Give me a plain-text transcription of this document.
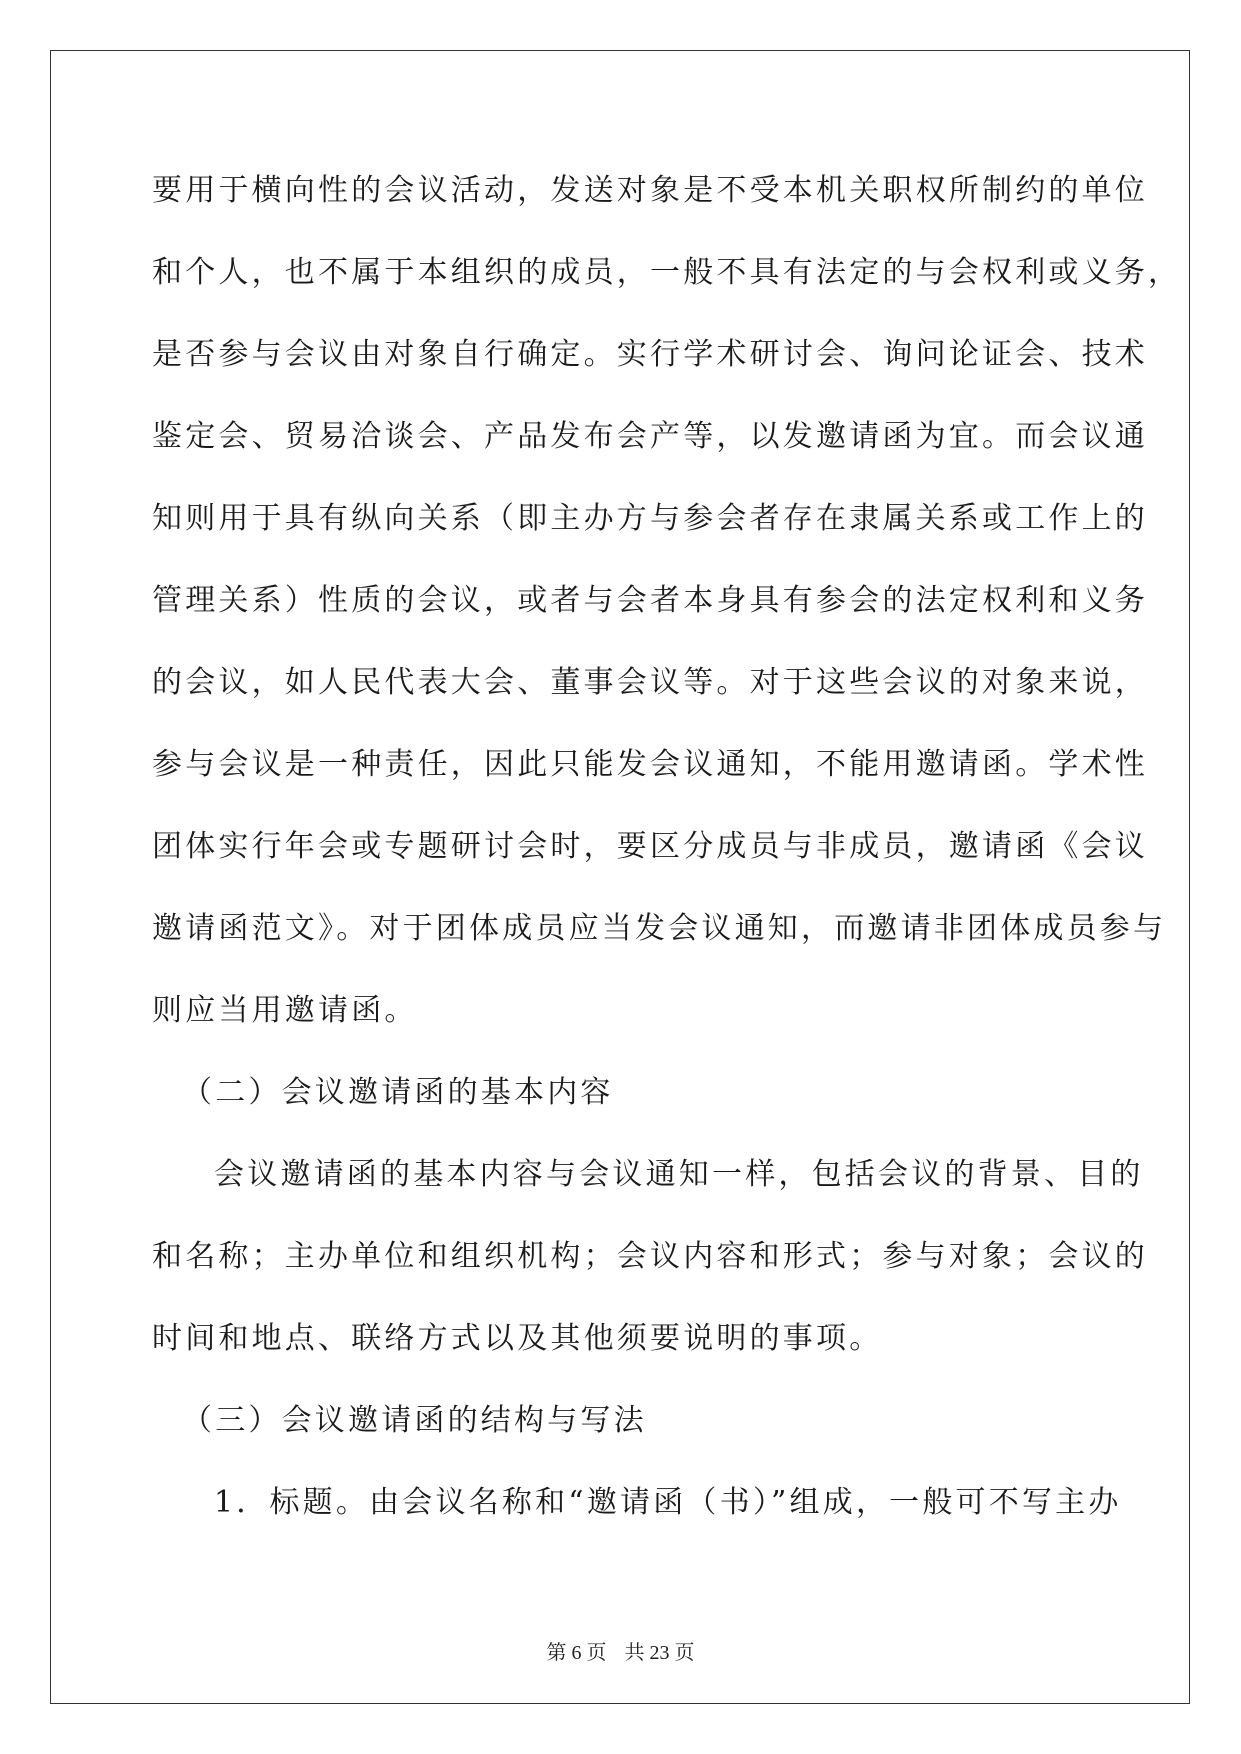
要用于横向性的会议活动，发送对象是不受本机关职权所制约的单位
和个人，也不属于本组织的成员，一般不具有法定的与会权利或义务，
是否参与会议由对象自行确定。实行学术研讨会、询问论证会、技术
鉴定会、贸易洽谈会、产品发布会产等，以发邀请函为宜。而会议通
知则用于具有纵向关系（即主办方与参会者存在隶属关系或工作上的
管理关系）性质的会议，或者与会者本身具有参会的法定权利和义务
的会议，如人民代表大会、董事会议等。对于这些会议的对象来说，
参与会议是一种责任，因此只能发会议通知，不能用邀请函。学术性
团体实行年会或专题研讨会时，要区分成员与非成员，邀请函《会议
邀请函范文》。对于团体成员应当发会议通知，而邀请非团体成员参与
则应当用邀请函。
（二）会议邀请函的基本内容
会议邀请函的基本内容与会议通知一样，包括会议的背景、目的
和名称；主办单位和组织机构；会议内容和形式；参与对象；会议的
时间和地点、联络方式以及其他须要说明的事项。
（三）会议邀请函的结构与写法
1．标题。由会议名称和“邀请函（书）”组成，一般可不写主办
第 6 页 共 23 页
